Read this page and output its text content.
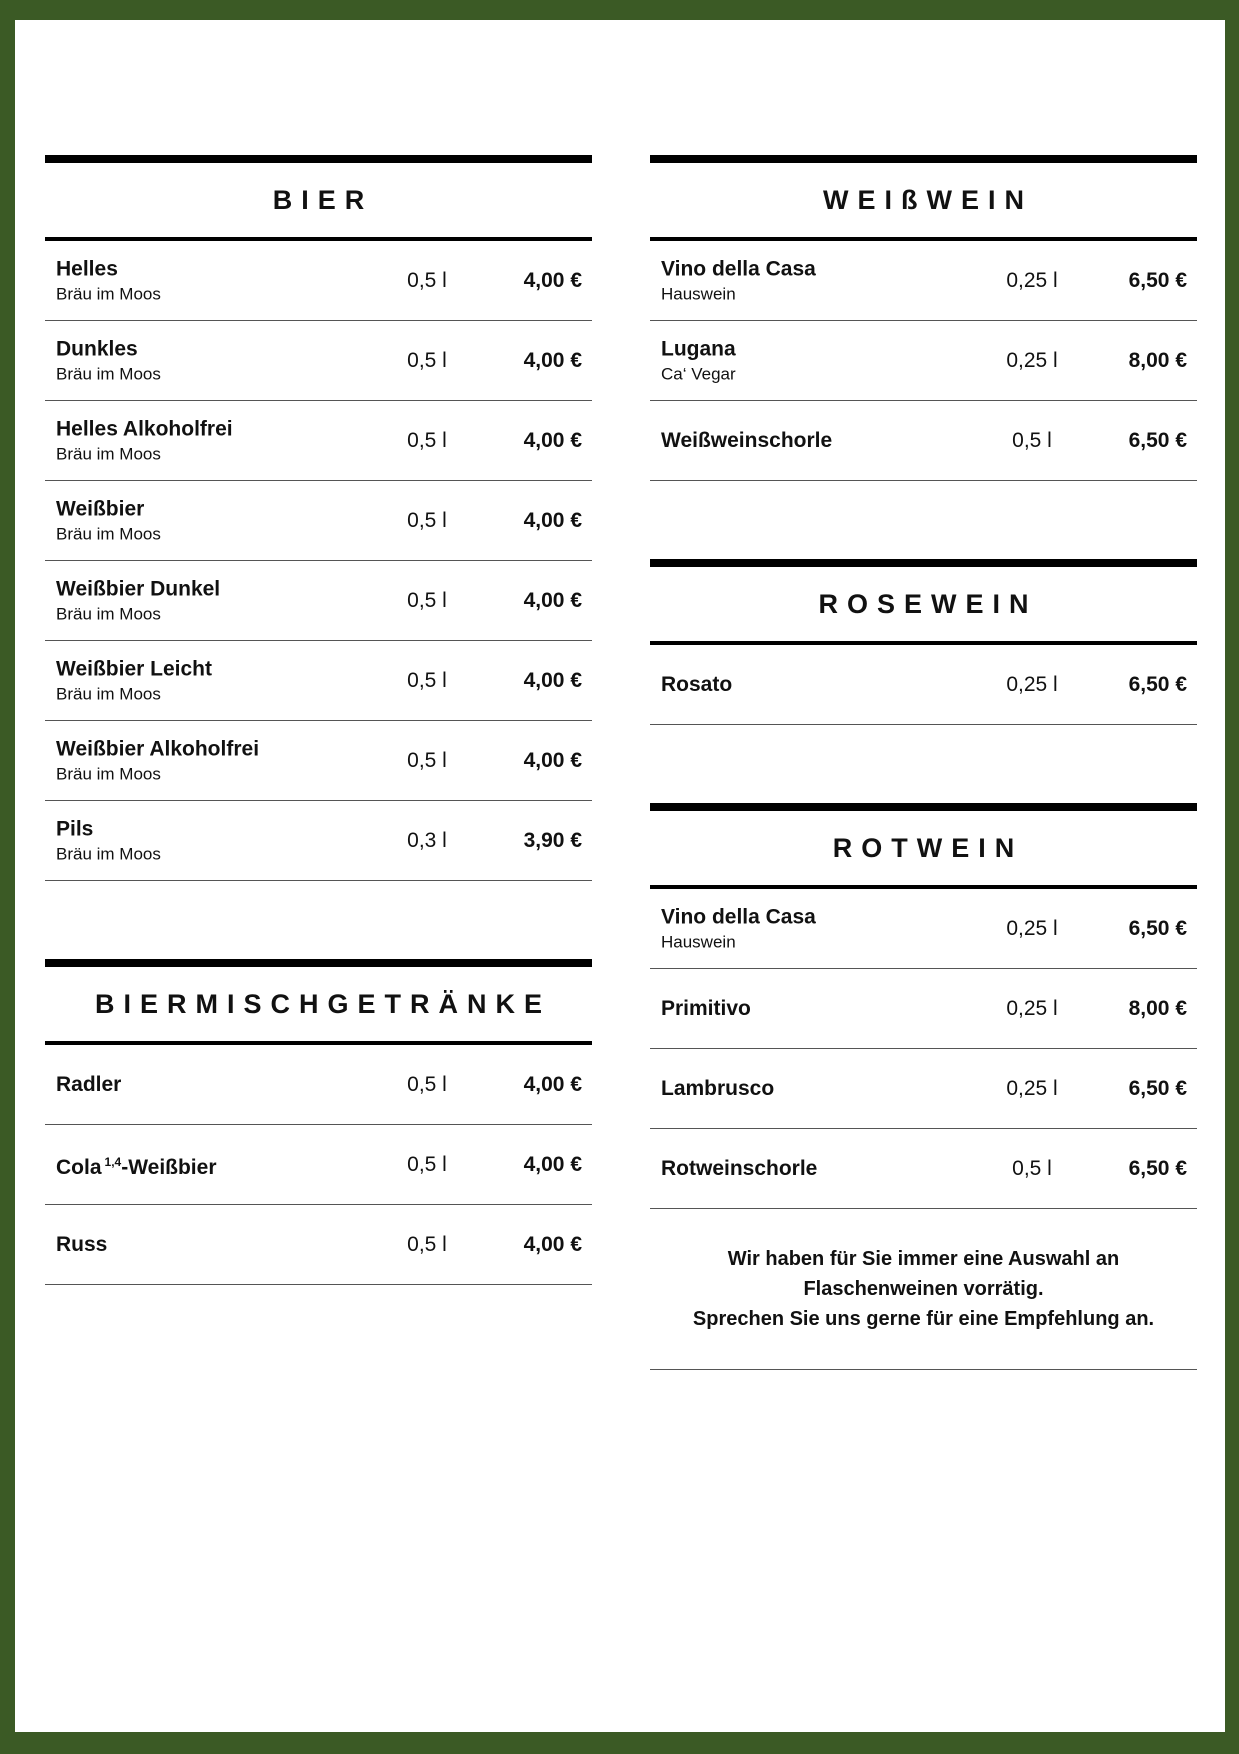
BIER
Helles
Bräu im Moos
0,5 l	4,00 €
Dunkles
Bräu im Moos
0,5 l	4,00 €
Helles Alkoholfrei
Bräu im Moos
0,5 l	4,00 €
Weißbier
Bräu im Moos
0,5 l	4,00 €
Weißbier Dunkel
Bräu im Moos
0,5 l	4,00 €
Weißbier Leicht
Bräu im Moos
0,5 l	4,00 €
Weißbier Alkoholfrei
Bräu im Moos
0,5 l	4,00 €
Pils
Bräu im Moos
0,3 l	3,90 €
BIERMISCHGETRÄNKE
Radler	0,5 l	4,00 €
Cola $^{1,4}$-Weißbier	0,5 l	4,00 €
Russ	0,5 l	4,00 €
WEIßWEIN
Vino della Casa
Hauswein
0,25 l	6,50 €
Lugana
Ca‘ Vegar
0,25 l	8,00 €
Weißweinschorle	0,5 l	6,50 €
ROSEWEIN
Rosato	0,25 l	6,50 €
ROTWEIN
Vino della Casa
Hauswein
0,25 l	6,50 €
Primitivo	0,25 l	8,00 €
Lambrusco	0,25 l	6,50 €
Rotweinschorle	0,5 l	6,50 €
Wir haben für Sie immer eine Auswahl an
Flaschenweinen vorrätig.
Sprechen Sie uns gerne für eine Empfehlung an.
